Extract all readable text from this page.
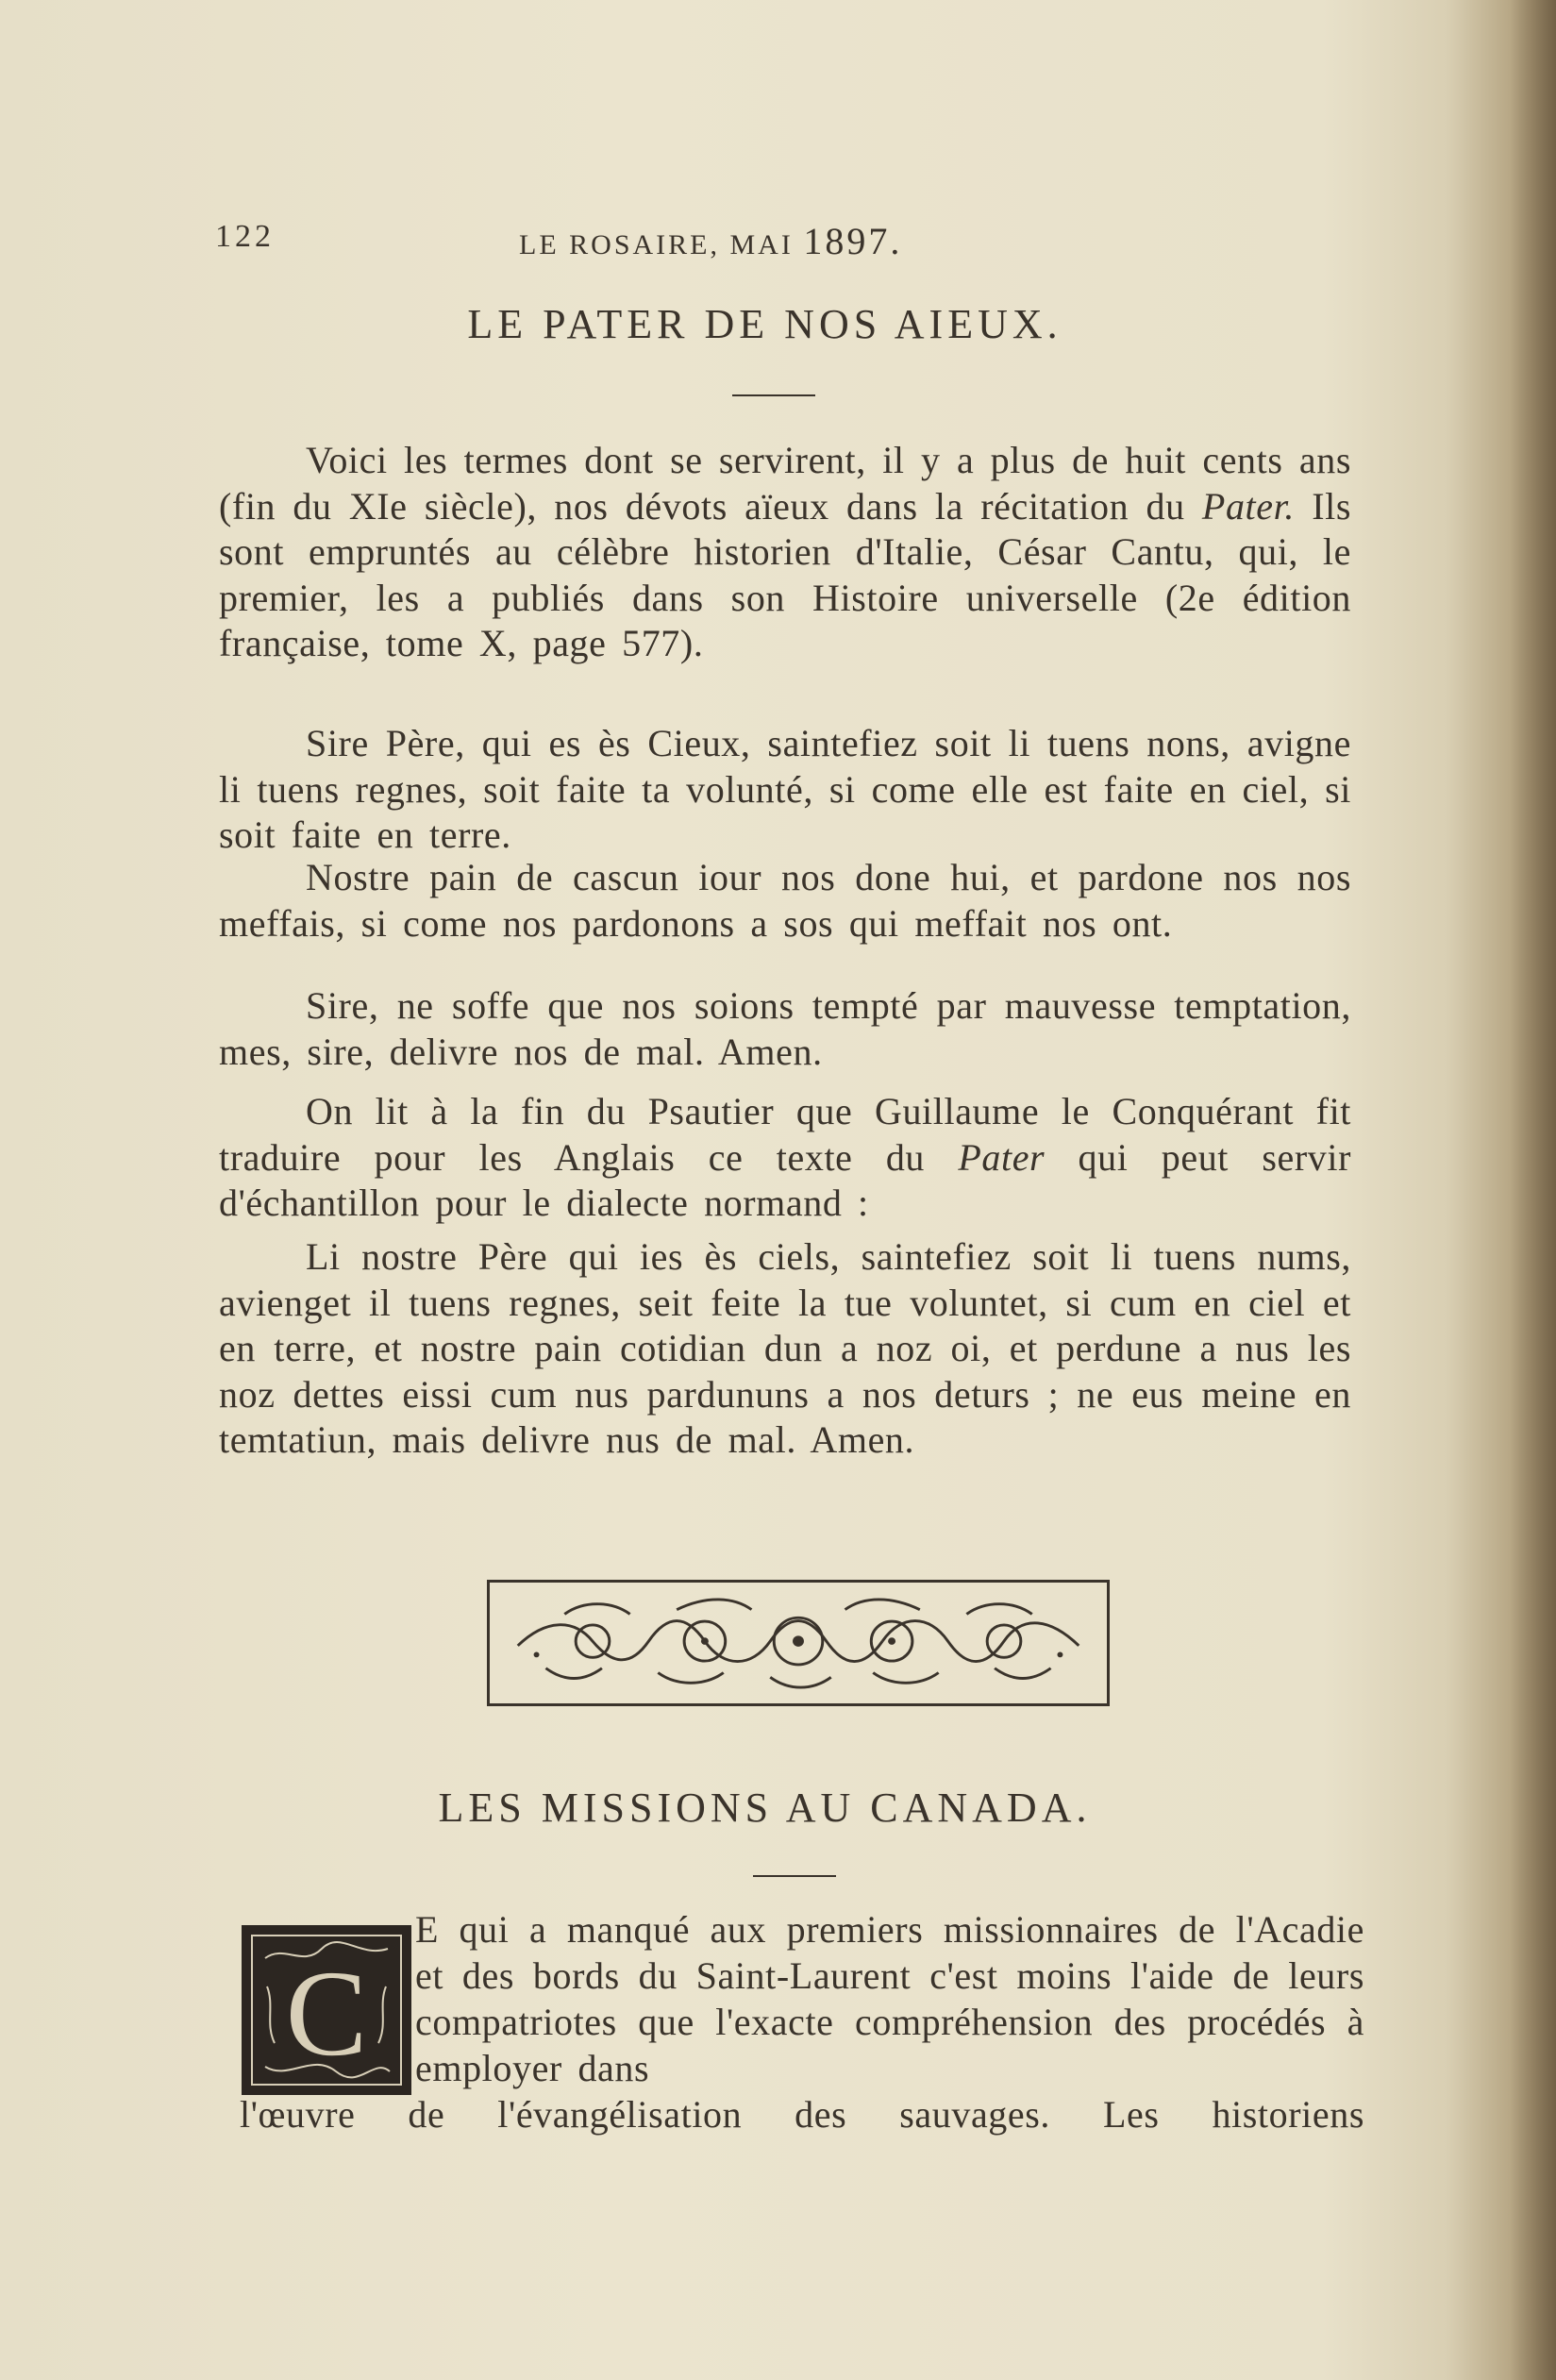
122	LE ROSAIRE, MAI 1897.
LE PATER DE NOS AIEUX.

Voici les termes dont se servirent, il y a plus de huit cents ans (fin du XIe siècle), nos dévots aïeux dans la récitation du Pater. Ils sont empruntés au célèbre historien d'Italie, César Cantu, qui, le premier, les a publiés dans son Histoire universelle (2e édition française, tome X, page 577).

Sire Père, qui es ès Cieux, saintefiez soit li tuens nons, avigne li tuens regnes, soit faite ta volunté, si come elle est faite en ciel, si soit faite en terre.

Nostre pain de cascun iour nos done hui, et pardone nos nos meffais, si come nos pardonons a sos qui meffait nos ont.

Sire, ne soffe que nos soions tempté par mauvesse temptation, mes, sire, delivre nos de mal. Amen.

On lit à la fin du Psautier que Guillaume le Conquérant fit traduire pour les Anglais ce texte du Pater qui peut servir d'échantillon pour le dialecte normand :

Li nostre Père qui ies ès ciels, saintefiez soit li tuens nums, avienget il tuens regnes, seit feite la tue voluntet, si cum en ciel et en terre, et nostre pain cotidian dun a noz oi, et perdune a nus les noz dettes eissi cum nus pardununs a nos deturs ; ne eus meine en temtatiun, mais delivre nus de mal. Amen.

LES MISSIONS AU CANADA.
C

E qui a manqué aux premiers missionnaires de l'Acadie et des bords du Saint-Laurent c'est moins l'aide de leurs compatriotes que l'exacte compréhension des procédés à employer dans

l'œuvre de l'évangélisation des sauvages. Les historiens
